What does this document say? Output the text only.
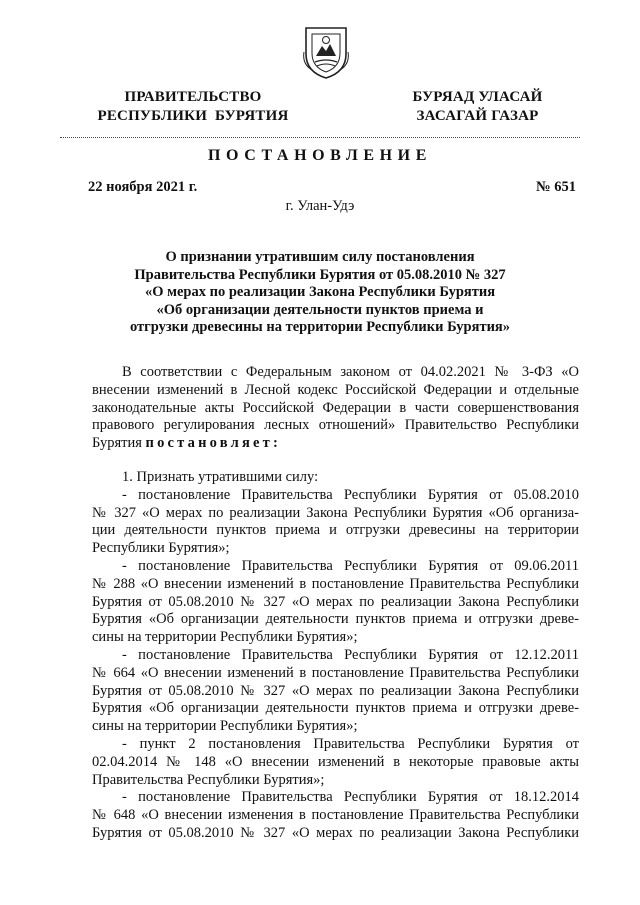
ПРАВИТЕЛЬСТВО
РЕСПУБЛИКИ  БУРЯТИЯ
БУРЯАД УЛАСАЙ
ЗАСАГАЙ ГАЗАР
ПОСТАНОВЛЕНИЕ
22 ноября 2021 г.	№ 651
г. Улан-Удэ
О признании утратившим силу постановления
Правительства Республики Бурятия от 05.08.2010 № 327
«О мерах по реализации Закона Республики Бурятия
«Об организации деятельности пунктов приема и
отгрузки древесины на территории Республики Бурятия»
В соответствии с Федеральным законом от 04.02.2021 № 3-ФЗ «О
внесении изменений в Лесной кодекс Российской Федерации и отдельные
законодательные акты Российской Федерации в части совершенствования
правового регулирования лесных отношений» Правительство Республики
Бурятия постановляет:
1. Признать утратившими силу:
- постановление Правительства Республики Бурятия от 05.08.2010
№ 327 «О мерах по реализации Закона Республики Бурятия «Об организа-
ции деятельности пунктов приема и отгрузки древесины на территории
Республики Бурятия»;
- постановление Правительства Республики Бурятия от 09.06.2011
№ 288 «О внесении изменений в постановление Правительства Республики
Бурятия от 05.08.2010 № 327 «О мерах по реализации Закона Республики
Бурятия «Об организации деятельности пунктов приема и отгрузки древе-
сины на территории Республики Бурятия»;
- постановление Правительства Республики Бурятия от 12.12.2011
№ 664 «О внесении изменений в постановление Правительства Республики
Бурятия от 05.08.2010 № 327 «О мерах по реализации Закона Республики
Бурятия «Об организации деятельности пунктов приема и отгрузки древе-
сины на территории Республики Бурятия»;
- пункт 2 постановления Правительства Республики Бурятия от
02.04.2014 № 148 «О внесении изменений в некоторые правовые акты
Правительства Республики Бурятия»;
- постановление Правительства Республики Бурятия от 18.12.2014
№ 648 «О внесении изменения в постановление Правительства Республики
Бурятия от 05.08.2010 № 327 «О мерах по реализации Закона Республики
